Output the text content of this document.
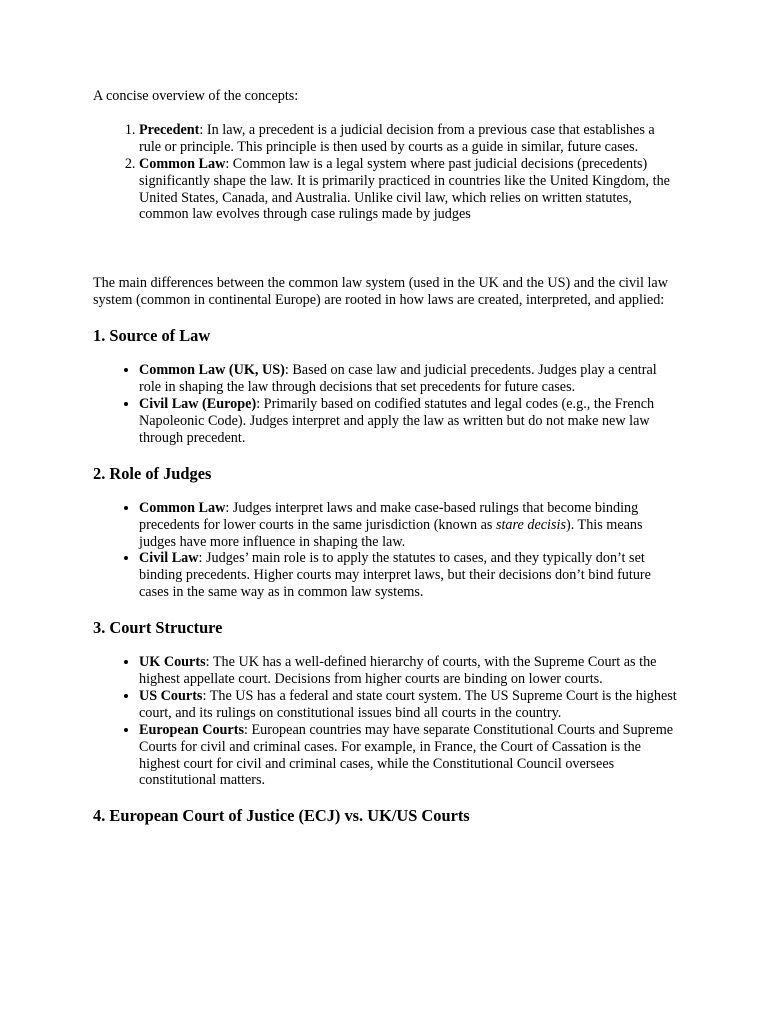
A concise overview of the concepts:

1. Precedent: In law, a precedent is a judicial decision from a previous case that establishes a rule or principle. This principle is then used by courts as a guide in similar, future cases.
2. Common Law: Common law is a legal system where past judicial decisions (precedents) significantly shape the law. It is primarily practiced in countries like the United Kingdom, the United States, Canada, and Australia. Unlike civil law, which relies on written statutes, common law evolves through case rulings made by judges

The main differences between the common law system (used in the UK and the US) and the civil law system (common in continental Europe) are rooted in how laws are created, interpreted, and applied:

1. Source of Law
• Common Law (UK, US): Based on case law and judicial precedents. Judges play a central role in shaping the law through decisions that set precedents for future cases.
• Civil Law (Europe): Primarily based on codified statutes and legal codes (e.g., the French Napoleonic Code). Judges interpret and apply the law as written but do not make new law through precedent.
2. Role of Judges
• Common Law: Judges interpret laws and make case-based rulings that become binding precedents for lower courts in the same jurisdiction (known as stare decisis). This means judges have more influence in shaping the law.
• Civil Law: Judges’ main role is to apply the statutes to cases, and they typically don’t set binding precedents. Higher courts may interpret laws, but their decisions don’t bind future cases in the same way as in common law systems.
3. Court Structure
• UK Courts: The UK has a well-defined hierarchy of courts, with the Supreme Court as the highest appellate court. Decisions from higher courts are binding on lower courts.
• US Courts: The US has a federal and state court system. The US Supreme Court is the highest court, and its rulings on constitutional issues bind all courts in the country.
• European Courts: European countries may have separate Constitutional Courts and Supreme Courts for civil and criminal cases. For example, in France, the Court of Cassation is the highest court for civil and criminal cases, while the Constitutional Council oversees constitutional matters.
4. European Court of Justice (ECJ) vs. UK/US Courts
